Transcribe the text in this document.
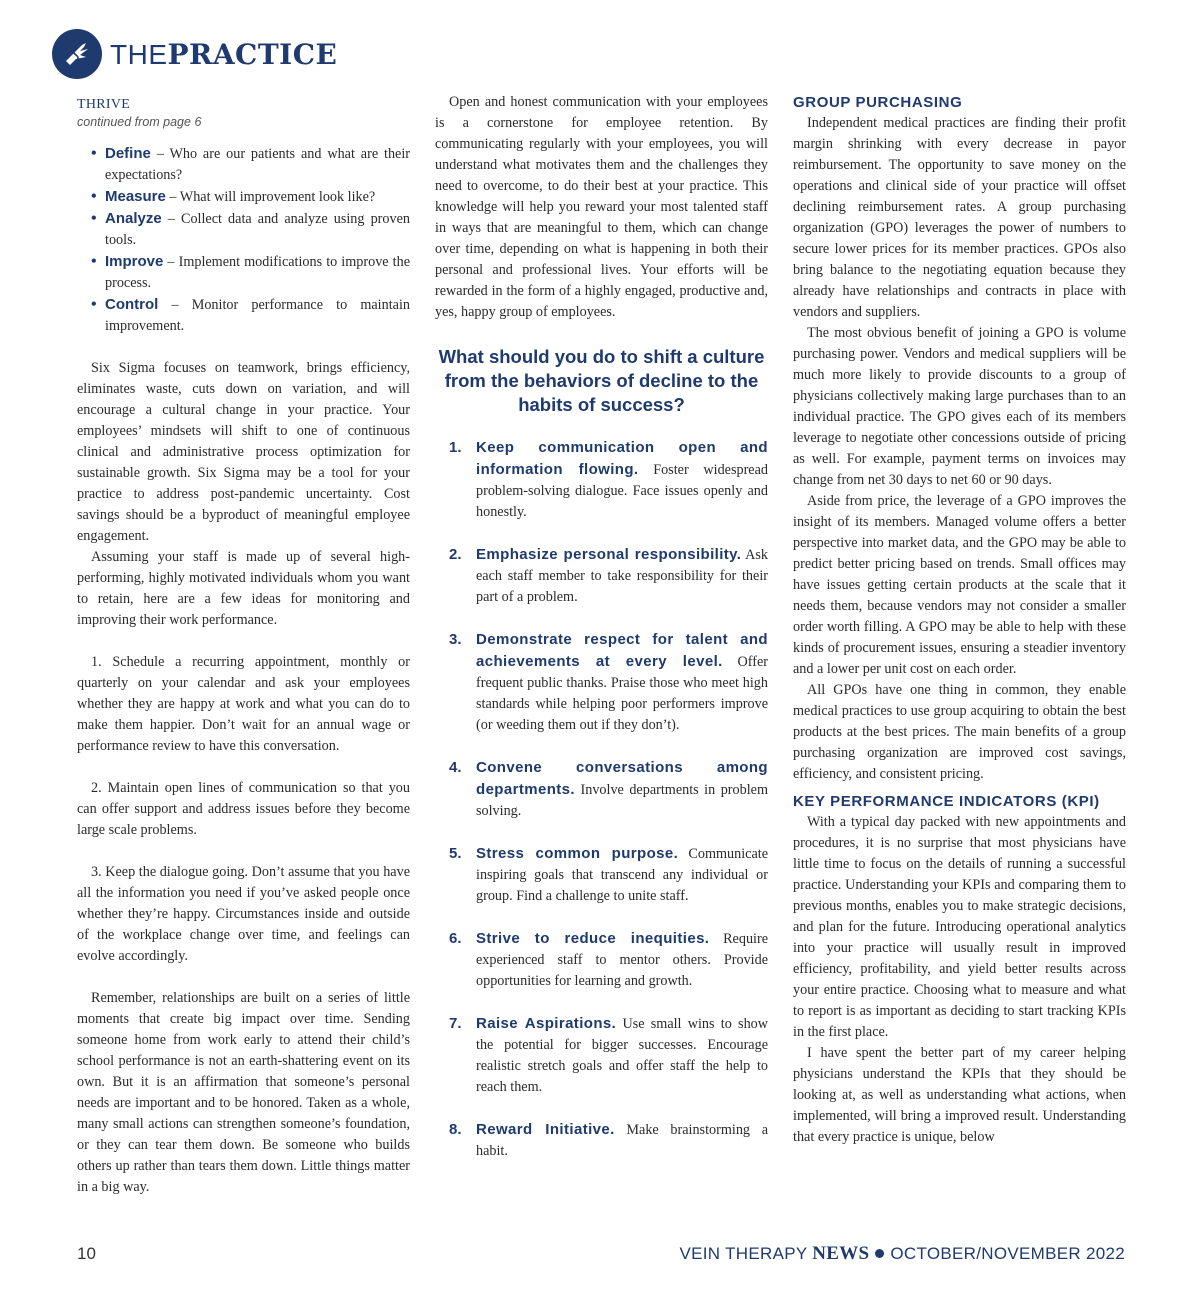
THEPRACTICE
THRIVE
continued from page 6
• Define – Who are our patients and what are their expectations?
• Measure – What will improvement look like?
• Analyze – Collect data and analyze using proven tools.
• Improve – Implement modifications to improve the process.
• Control – Monitor performance to maintain improvement.

Six Sigma focuses on teamwork, brings efficiency, eliminates waste, cuts down on variation, and will encourage a cultural change in your practice. Your employees’ mindsets will shift to one of continuous clinical and administrative process optimization for sustainable growth. Six Sigma may be a tool for your practice to address post-pandemic uncertainty. Cost savings should be a byproduct of meaningful employee engagement.

Assuming your staff is made up of several high-performing, highly motivated individuals whom you want to retain, here are a few ideas for monitoring and improving their work performance.

1. Schedule a recurring appointment, monthly or quarterly on your calendar and ask your employees whether they are happy at work and what you can do to make them happier. Don’t wait for an annual wage or performance review to have this conversation.

2. Maintain open lines of communication so that you can offer support and address issues before they become large scale problems.

3. Keep the dialogue going. Don’t assume that you have all the information you need if you’ve asked people once whether they’re happy. Circumstances inside and outside of the workplace change over time, and feelings can evolve accordingly.

Remember, relationships are built on a series of little moments that create big impact over time. Sending someone home from work early to attend their child’s school performance is not an earth-shattering event on its own. But it is an affirmation that someone’s personal needs are important and to be honored. Taken as a whole, many small actions can strengthen someone’s foundation, or they can tear them down. Be someone who builds others up rather than tears them down. Little things matter in a big way.

Open and honest communication with your employees is a cornerstone for employee retention. By communicating regularly with your employees, you will understand what motivates them and the challenges they need to overcome, to do their best at your practice. This knowledge will help you reward your most talented staff in ways that are meaningful to them, which can change over time, depending on what is happening in both their personal and professional lives. Your efforts will be rewarded in the form of a highly engaged, productive and, yes, happy group of employees.

What should you do to shift a culture from the behaviors of decline to the habits of success?
1. Keep communication open and information flowing. Foster widespread problem-solving dialogue. Face issues openly and honestly.
2. Emphasize personal responsibility. Ask each staff member to take responsibility for their part of a problem.
3. Demonstrate respect for talent and achievements at every level. Offer frequent public thanks. Praise those who meet high standards while helping poor performers improve (or weeding them out if they don’t).
4. Convene conversations among departments. Involve departments in problem solving.
5. Stress common purpose. Communicate inspiring goals that transcend any individual or group. Find a challenge to unite staff.
6. Strive to reduce inequities. Require experienced staff to mentor others. Provide opportunities for learning and growth.
7. Raise Aspirations. Use small wins to show the potential for bigger successes. Encourage realistic stretch goals and offer staff the help to reach them.
8. Reward Initiative. Make brainstorming a habit.
GROUP PURCHASING

Independent medical practices are finding their profit margin shrinking with every decrease in payor reimbursement. The opportunity to save money on the operations and clinical side of your practice will offset declining reimbursement rates. A group purchasing organization (GPO) leverages the power of numbers to secure lower prices for its member practices. GPOs also bring balance to the negotiating equation because they already have relationships and contracts in place with vendors and suppliers.

The most obvious benefit of joining a GPO is volume purchasing power. Vendors and medical suppliers will be much more likely to provide discounts to a group of physicians collectively making large purchases than to an individual practice. The GPO gives each of its members leverage to negotiate other concessions outside of pricing as well. For example, payment terms on invoices may change from net 30 days to net 60 or 90 days.

Aside from price, the leverage of a GPO improves the insight of its members. Managed volume offers a better perspective into market data, and the GPO may be able to predict better pricing based on trends. Small offices may have issues getting certain products at the scale that it needs them, because vendors may not consider a smaller order worth filling. A GPO may be able to help with these kinds of procurement issues, ensuring a steadier inventory and a lower per unit cost on each order.

All GPOs have one thing in common, they enable medical practices to use group acquiring to obtain the best products at the best prices. The main benefits of a group purchasing organization are improved cost savings, efficiency, and consistent pricing.

KEY PERFORMANCE INDICATORS (KPI)

With a typical day packed with new appointments and procedures, it is no surprise that most physicians have little time to focus on the details of running a successful practice. Understanding your KPIs and comparing them to previous months, enables you to make strategic decisions, and plan for the future. Introducing operational analytics into your practice will usually result in improved efficiency, profitability, and yield better results across your entire practice. Choosing what to measure and what to report is as important as deciding to start tracking KPIs in the first place.

I have spent the better part of my career helping physicians understand the KPIs that they should be looking at, as well as understanding what actions, when implemented, will bring a improved result. Understanding that every practice is unique, below

10	VEIN THERAPY NEWS OCTOBER/NOVEMBER 2022
